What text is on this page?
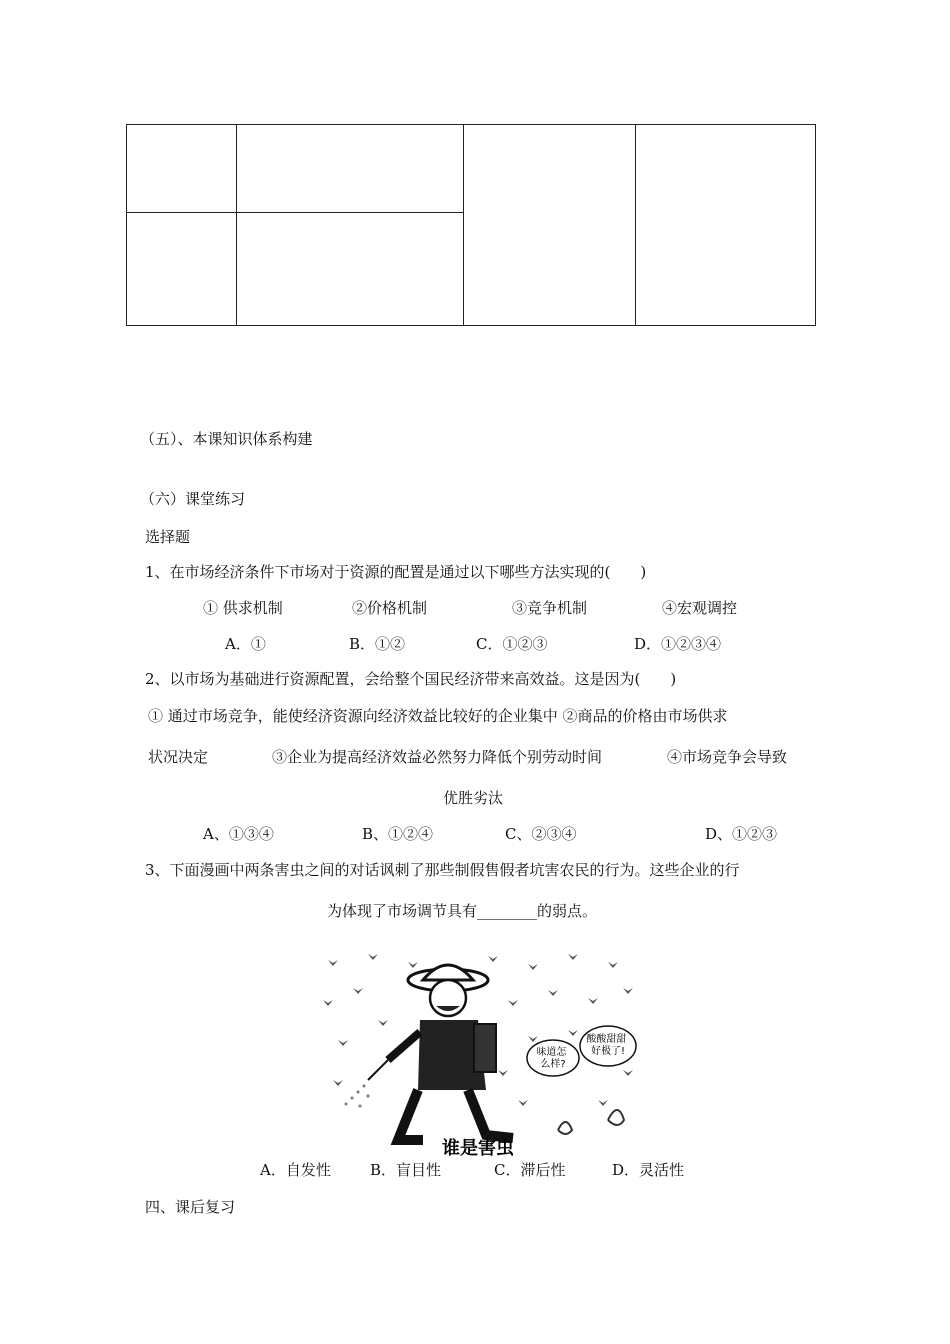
（五）、本课知识体系构建
（六）课堂练习
选择题
1、在市场经济条件下市场对于资源的配置是通过以下哪些方法实现的(　　)
① 供求机制	②价格机制	③竞争机制	④宏观调控
A．①	B．①②	C．①②③	D．①②③④
2、以市场为基础进行资源配置，会给整个国民经济带来高效益。这是因为(　　)
① 通过市场竞争，能使经济资源向经济效益比较好的企业集中 ②商品的价格由市场供求
状况决定	③企业为提高经济效益必然努力降低个别劳动时间	④市场竞争会导致
优胜劣汰
A、①③④	B、①②④	C、②③④	D、①②③
3、下面漫画中两条害虫之间的对话讽刺了那些制假售假者坑害农民的行为。这些企业的行
为体现了市场调节具有________的弱点。
味道怎 么样?
酸酸甜甜 好极了!
谁是害虫
A．自发性	B．盲目性	C．滞后性	D．灵活性
四、课后复习
